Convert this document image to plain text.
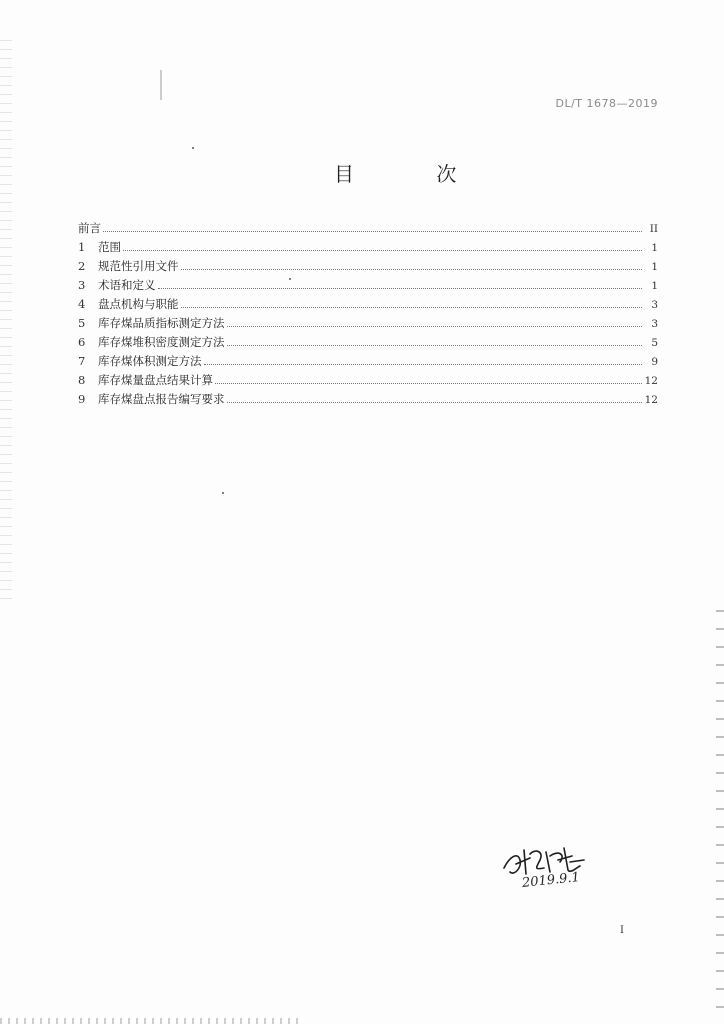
DL/T 1678—2019
目 次
前言	II
1	范围	1
2	规范性引用文件	1
3	术语和定义	1
4	盘点机构与职能	3
5	库存煤品质指标测定方法	3
6	库存煤堆积密度测定方法	5
7	库存煤体积测定方法	9
8	库存煤量盘点结果计算	12
9	库存煤盘点报告编写要求	12
2019.9.1
I
